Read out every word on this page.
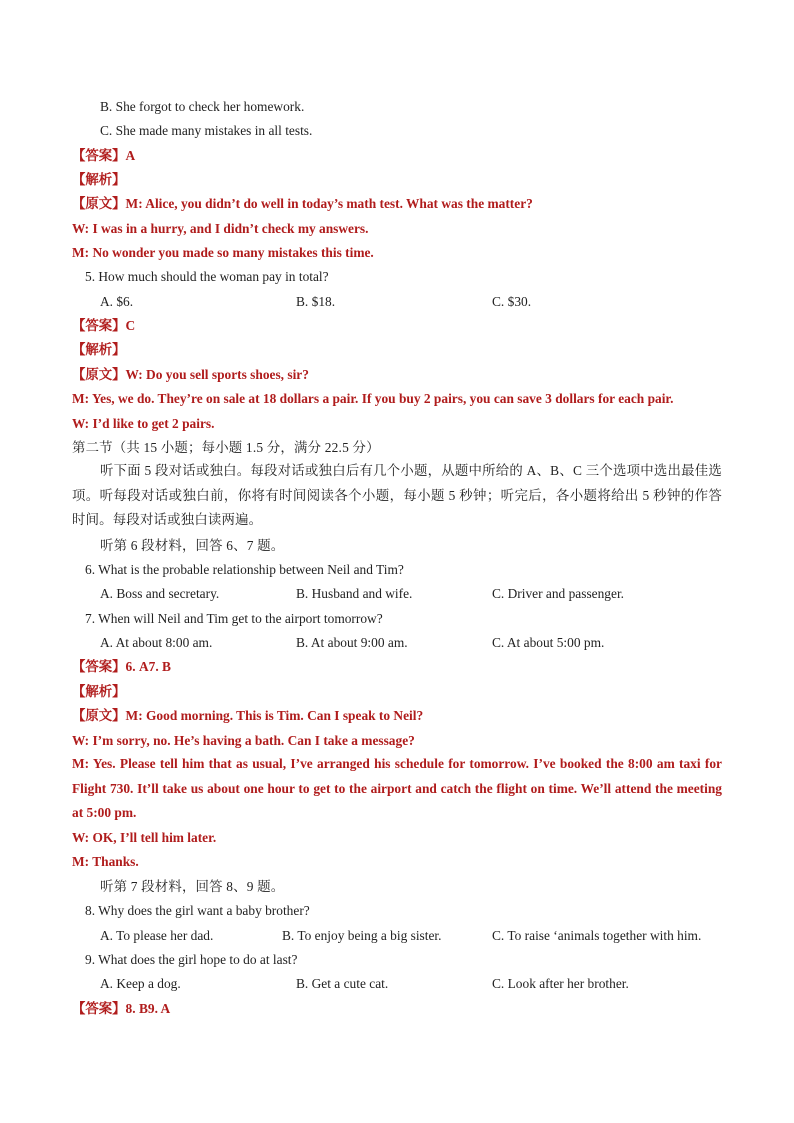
B. She forgot to check her homework.
C. She made many mistakes in all tests.
【答案】A
【解析】
【原文】M: Alice, you didn’t do well in today’s math test. What was the matter?
W: I was in a hurry, and I didn’t check my answers.
M: No wonder you made so many mistakes this time.
5. How much should the woman pay in total?
A. $6.	B. $18.	C. $30.
【答案】C
【解析】
【原文】W: Do you sell sports shoes, sir?
M: Yes, we do. They’re on sale at 18 dollars a pair. If you buy 2 pairs, you can save 3 dollars for each pair.
W: I’d like to get 2 pairs.
第二节（共 15 小题；每小题 1.5 分，满分 22.5 分）
听下面 5 段对话或独白。每段对话或独白后有几个小题，从题中所给的 A、B、C 三个选项中选出最佳选项。听每段对话或独白前，你将有时间阅读各个小题，每小题 5 秒钟；听完后，各小题将给出 5 秒钟的作答时间。每段对话或独白读两遍。
听第 6 段材料，回答 6、7 题。
6. What is the probable relationship between Neil and Tim?
A. Boss and secretary.	B. Husband and wife.	C. Driver and passenger.
7. When will Neil and Tim get to the airport tomorrow?
A. At about 8:00 am.	B. At about 9:00 am.	C. At about 5:00 pm.
【答案】6. A7. B
【解析】
【原文】M: Good morning. This is Tim. Can I speak to Neil?
W: I’m sorry, no. He’s having a bath. Can I take a message?
M: Yes. Please tell him that as usual, I’ve arranged his schedule for tomorrow. I’ve booked the 8:00 am taxi for Flight 730. It’ll take us about one hour to get to the airport and catch the flight on time. We’ll attend the meeting at 5:00 pm.
W: OK, I’ll tell him later.
M: Thanks.
听第 7 段材料，回答 8、9 题。
8. Why does the girl want a baby brother?
A. To please her dad.	B. To enjoy being a big sister.	C. To raise ‘animals together with him.
9. What does the girl hope to do at last?
A. Keep a dog.	B. Get a cute cat.	C. Look after her brother.
【答案】8. B9. A
